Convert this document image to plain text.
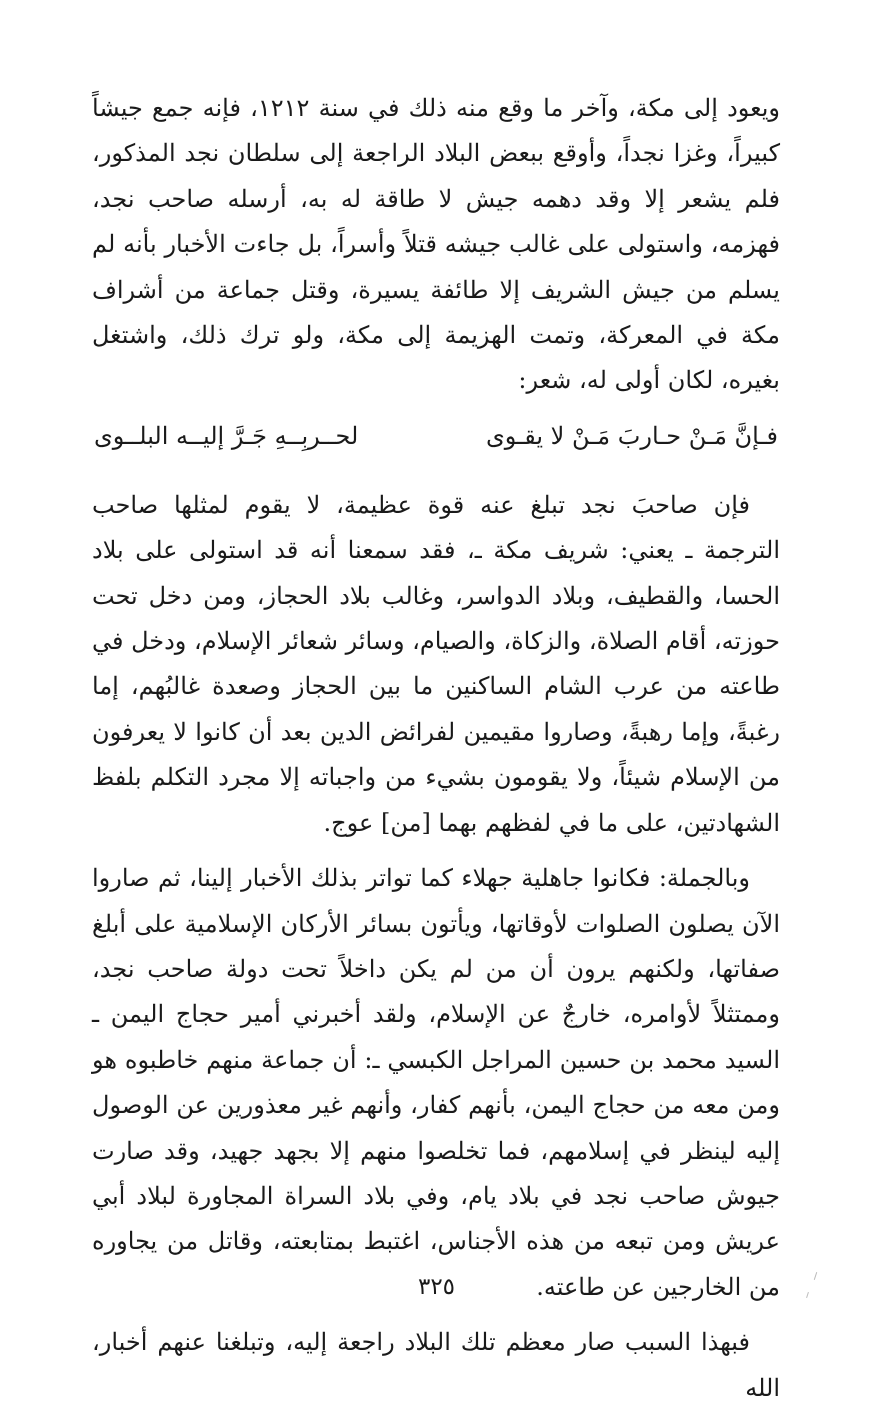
ويعود إلى مكة، وآخر ما وقع منه ذلك في سنة ١٢١٢، فإنه جمع جيشاً كبيراً، وغزا نجداً، وأوقع ببعض البلاد الراجعة إلى سلطان نجد المذكور، فلم يشعر إلا وقد دهمه جيش لا طاقة له به، أرسله صاحب نجد، فهزمه، واستولى على غالب جيشه قتلاً وأسراً، بل جاءت الأخبار بأنه لم يسلم من جيش الشريف إلا طائفة يسيرة، وقتل جماعة من أشراف مكة في المعركة، وتمت الهزيمة إلى مكة، ولو ترك ذلك، واشتغل بغيره، لكان أولى له، شعر:

فـإنَّ مَـنْ حـاربَ مَـنْ لا يقـوى
لحــربِــهِ جَـرَّ إليــه البلــوى

فإن صاحبَ نجد تبلغ عنه قوة عظيمة، لا يقوم لمثلها صاحب الترجمة ـ يعني: شريف مكة ـ، فقد سمعنا أنه قد استولى على بلاد الحسا، والقطيف، وبلاد الدواسر، وغالب بلاد الحجاز، ومن دخل تحت حوزته، أقام الصلاة، والزكاة، والصيام، وسائر شعائر الإسلام، ودخل في طاعته من عرب الشام الساكنين ما بين الحجاز وصعدة غالبُهم، إما رغبةً، وإما رهبةً، وصاروا مقيمين لفرائض الدين بعد أن كانوا لا يعرفون من الإسلام شيئاً، ولا يقومون بشيء من واجباته إلا مجرد التكلم بلفظ الشهادتين، على ما في لفظهم بهما [من] عوج.

وبالجملة: فكانوا جاهلية جهلاء كما تواتر بذلك الأخبار إلينا، ثم صاروا الآن يصلون الصلوات لأوقاتها، ويأتون بسائر الأركان الإسلامية على أبلغ صفاتها، ولكنهم يرون أن من لم يكن داخلاً تحت دولة صاحب نجد، وممتثلاً لأوامره، خارجٌ عن الإسلام، ولقد أخبرني أمير حجاج اليمن ـ السيد محمد بن حسين المراجل الكبسي ـ: أن جماعة منهم خاطبوه هو ومن معه من حجاج اليمن، بأنهم كفار، وأنهم غير معذورين عن الوصول إليه لينظر في إسلامهم، فما تخلصوا منهم إلا بجهد جهيد، وقد صارت جيوش صاحب نجد في بلاد يام، وفي بلاد السراة المجاورة لبلاد أبي عريش ومن تبعه من هذه الأجناس، اغتبط بمتابعته، وقاتل من يجاوره من الخارجين عن طاعته.

فبهذا السبب صار معظم تلك البلاد راجعة إليه، وتبلغنا عنهم أخبار، الله

٣٢٥
